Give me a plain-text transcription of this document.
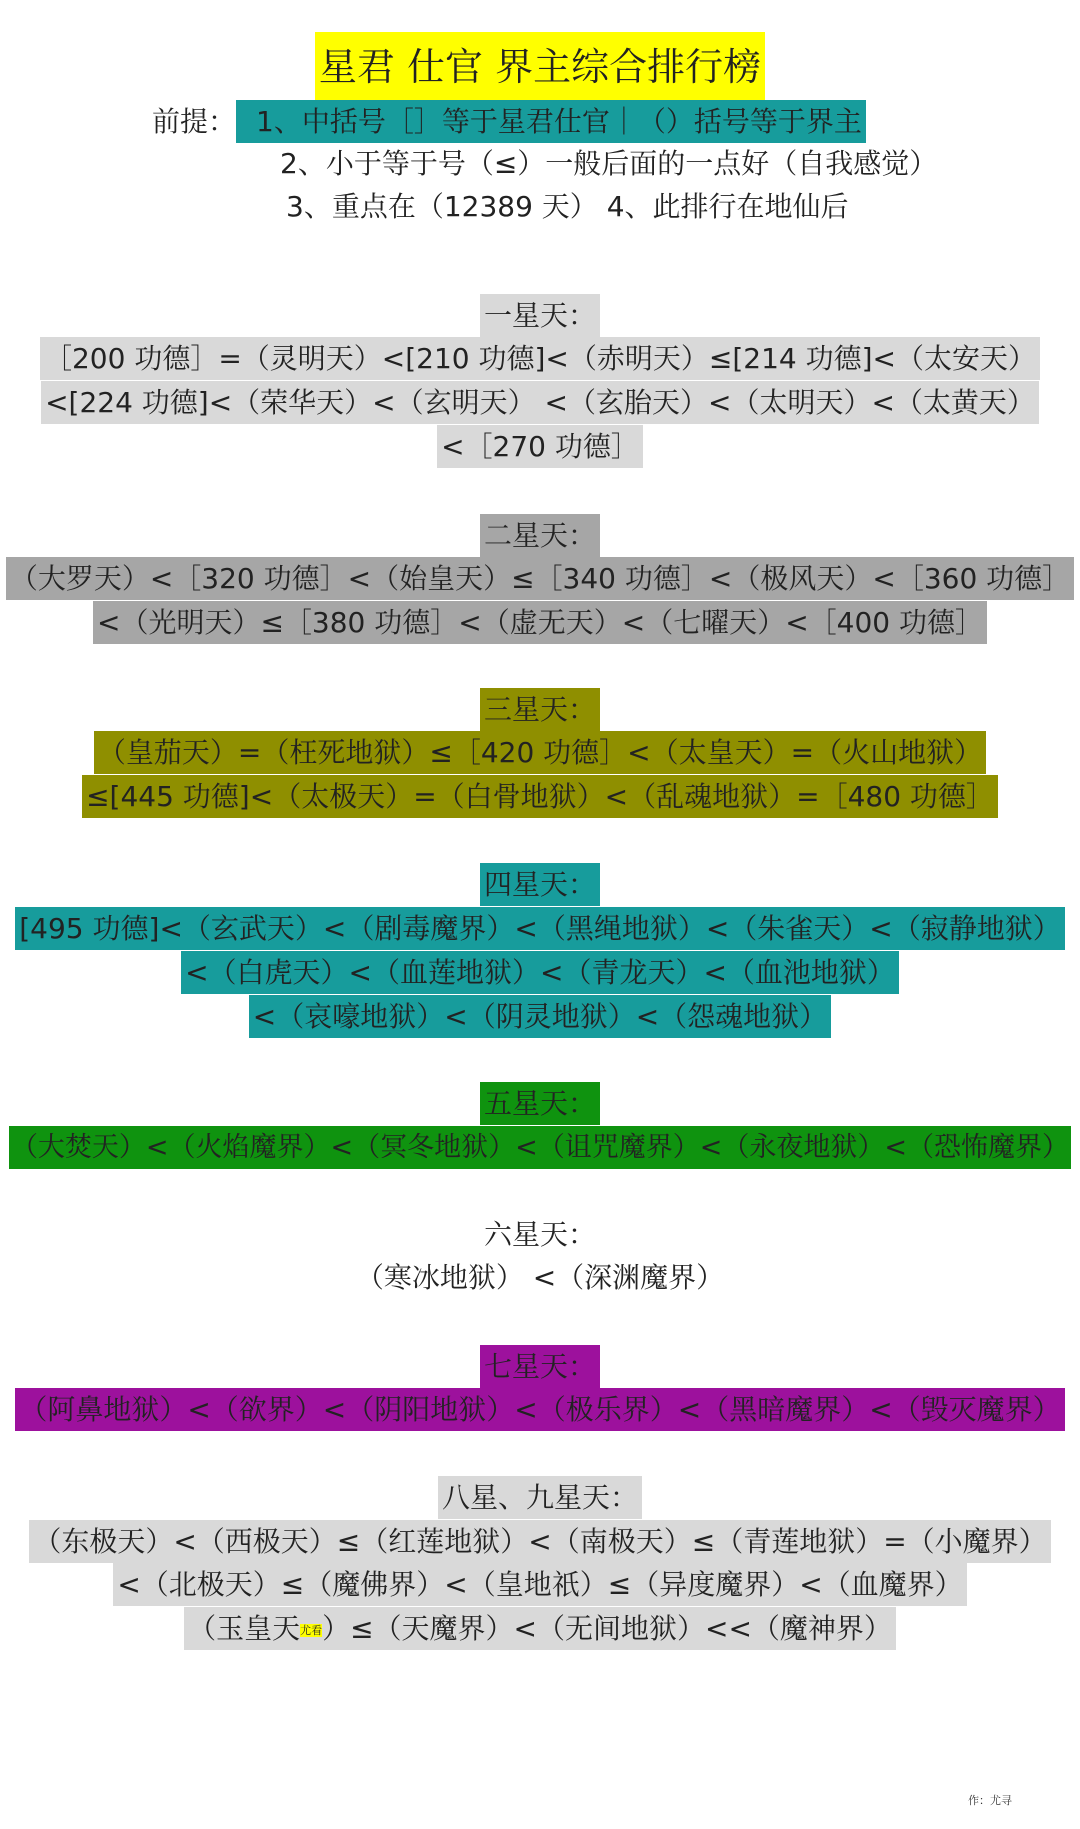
星君 仕官 界主综合排行榜
前提： 1、中括号［］等于星君仕官｜（）括号等于界主
2、小于等于号（≤）一般后面的一点好（自我感觉）
3、重点在（12389 天） 4、此排行在地仙后
一星天：
［200 功德］=（灵明天）<[210 功德]<（赤明天）≤[214 功德]<（太安天）
<[224 功德]<（荣华天）<（玄明天） <（玄胎天）<（太明天）<（太黄天）
<［270 功德］
二星天：
（大罗天）<［320 功德］<（始皇天）≤［340 功德］<（极风天）<［360 功德］
<（光明天）≤［380 功德］<（虚无天）<（七曜天）<［400 功德］
三星天：
（皇茄天）=（枉死地狱）≤［420 功德］<（太皇天）=（火山地狱）
≤[445 功德]<（太极天）=（白骨地狱）<（乱魂地狱）=［480 功德］
四星天：
[495 功德]<（玄武天）<（剧毒魔界）<（黑绳地狱）<（朱雀天）<（寂静地狱）
<（白虎天）<（血莲地狱）<（青龙天）<（血池地狱）
<（哀嚎地狱）<（阴灵地狱）<（怨魂地狱）
五星天：
（大焚天）<（火焰魔界）<（冥冬地狱）<（诅咒魔界）<（永夜地狱）<（恐怖魔界）
六星天：
（寒冰地狱） <（深渊魔界）
七星天：
（阿鼻地狱）<（欲界）<（阴阳地狱）<（极乐界）<（黑暗魔界）<（毁灭魔界）
八星、九星天：
（东极天）<（西极天）≤（红莲地狱）<（南极天）≤（青莲地狱）=（小魔界）
<（北极天）≤（魔佛界）<（皇地祇）≤（异度魔界）<（血魔界）
（玉皇天尤看）≤（天魔界）<（无间地狱）<<（魔神界）
作：尤寻
